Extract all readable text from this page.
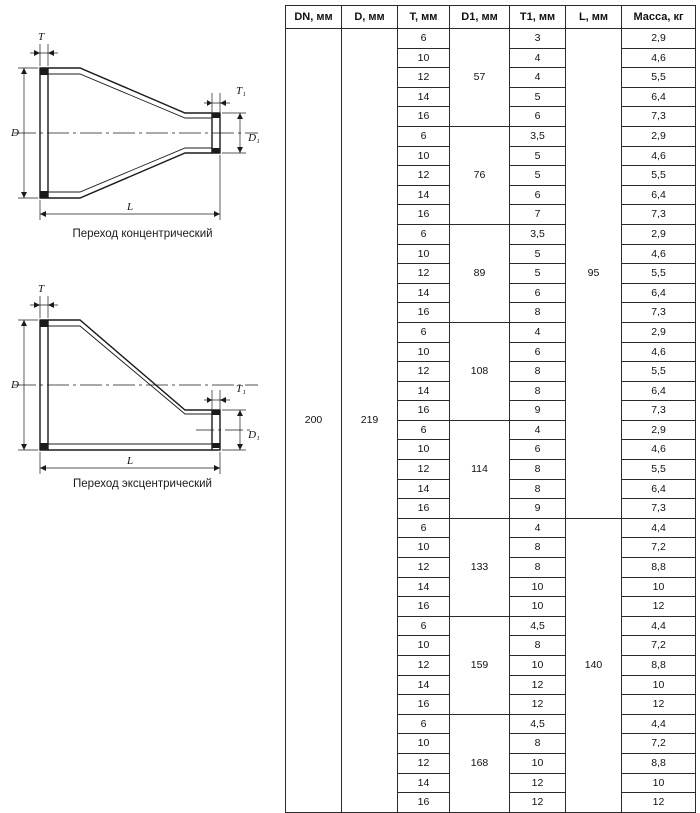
T
T₁
D	D₁
L
Переход концентрический
T
T₁
D
D₁
L
Переход эксцентрический
DN, мм	D, мм	T, мм	D1, мм	T1, мм	L, мм	Масса, кг
200	219	6	57	3	95	2,9
		10		4		4,6
		12		4		5,5
		14		5		6,4
		16		6		7,3
		6	76	3,5		2,9
		10		5		4,6
		12		5		5,5
		14		6		6,4
		16		7		7,3
		6	89	3,5		2,9
		10		5		4,6
		12		5		5,5
		14		6		6,4
		16		8		7,3
		6	108	4		2,9
		10		6		4,6
		12		8		5,5
		14		8		6,4
		16		9		7,3
		6	114	4		2,9
		10		6		4,6
		12		8		5,5
		14		8		6,4
		16		9		7,3
		6	133	4	140	4,4
		10		8		7,2
		12		8		8,8
		14		10		10
		16		10		12
		6	159	4,5		4,4
		10		8		7,2
		12		10		8,8
		14		12		10
		16		12		12
		6	168	4,5		4,4
		10		8		7,2
		12		10		8,8
		14		12		10
		16		12		12
